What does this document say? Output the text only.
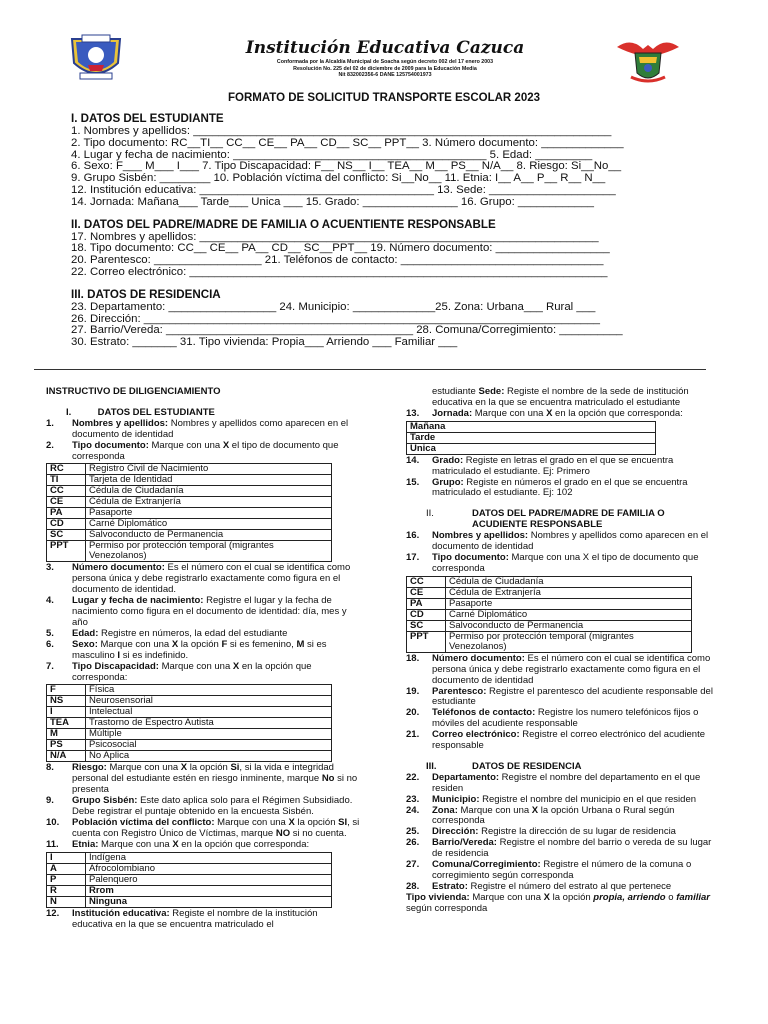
Institución Educativa Cazuca
Conformada por la Alcaldía Municipal de Soacha según decreto 002 del 17 enero 2003
Resolución No. 225 del 02 de diciembre de 2009 para la Educación Media
Nit 832002356-6 DANE 125754001973
FORMATO DE SOLICITUD TRANSPORTE ESCOLAR 2023
I. DATOS DEL ESTUDIANTE
1. Nombres y apellidos: __________________________________________________________________
2. Tipo documento: RC__TI__ CC__ CE__ PA__ CD__ SC__ PPT__ 3. Número documento: _____________
4. Lugar y fecha de nacimiento: ________________________________________ 5. Edad: _________
6. Sexo: F___ M___ I___ 7. Tipo Discapacidad: F__ NS__ I__ TEA__ M__ PS__ N/A__ 8. Riesgo: Si__No__
9. Grupo Sisbén: ________ 10. Población víctima del conflicto: Si__No__ 11. Etnia: I__ A__ P__ R__ N__
12. Institución educativa: _____________________________________ 13. Sede: ____________________
14. Jornada: Mañana___ Tarde___ Única ___ 15. Grado: _______________ 16. Grupo: ____________
II. DATOS DEL PADRE/MADRE DE FAMILIA O ACUENTIENTE RESPONSABLE
17. Nombres y apellidos: _______________________________________________________________
18. Tipo documento: CC__ CE__ PA__ CD__ SC__PPT__ 19. Número documento: __________________
20. Parentesco: _________________ 21. Teléfonos de contacto: ________________________________
22. Correo electrónico: __________________________________________________________________
III. DATOS DE RESIDENCIA
23. Departamento: _________________ 24. Municipio: _____________25. Zona: Urbana___ Rural ___
26. Dirección: ________________________________________________________________________
27. Barrio/Vereda: _______________________________________ 28. Comuna/Corregimiento: __________
30. Estrato: _______ 31. Tipo vivienda: Propia___ Arriendo ___ Familiar ___
INSTRUCTIVO DE DILIGENCIAMIENTO
I.          DATOS DEL ESTUDIANTE
1.	Nombres y apellidos: Nombres y apellidos como aparecen en el documento de identidad
2.	Tipo documento: Marque con una X el tipo de documento que corresponda
RC	Registro Civil de Nacimiento
TI	Tarjeta de Identidad
CC	Cédula de Ciudadanía
CE	Cédula de Extranjería
PA	Pasaporte
CD	Carné Diplomático
SC	Salvoconducto de Permanencia
PPT	Permiso por protección temporal (migrantes Venezolanos)
3.	Número documento: Es el número con el cual se identifica como persona única y debe registrarlo exactamente como figura en el documento de identidad.
4.	Lugar y fecha de nacimiento: Registre el lugar y la fecha de nacimiento como figura en el documento de identidad: día, mes y año
5.	Edad: Registre en números, la edad del estudiante
6.	Sexo: Marque con una X la opción F si es femenino, M si es masculino I si es indefinido.
7.	Tipo Discapacidad: Marque con una X en la opción que corresponda:
F	Física
NS	Neurosensorial
I	Intelectual
TEA	Trastorno de Espectro Autista
M	Múltiple
PS	Psicosocial
N/A	No Aplica
8.	Riesgo: Marque con una X la opción Si, si la vida e integridad personal del estudiante estén en riesgo inminente, marque No si no presenta
9.	Grupo Sisbén: Este dato aplica solo para el Régimen Subsidiado. Debe registrar el puntaje obtenido en la encuesta Sisbén.
10.	Población víctima del conflicto: Marque con una X la opción SI, si cuenta con Registro Único de Víctimas, marque NO si no cuenta.
11.	Etnia: Marque con una X en la opción que corresponda:
I	Indígena
A	Afrocolombiano
P	Palenquero
R	Rrom
N	Ninguna
12.	Institución educativa: Registe el nombre de la institución educativa en la que se encuentra matriculado el
estudiante Sede: Registe el nombre de la sede de institución educativa en la que se encuentra matriculado el estudiante
13.	Jornada: Marque con una X en la opción que corresponda:
Mañana
Tarde
Unica
14.	Grado: Registe en letras el grado en el que se encuentra matriculado el estudiante. Ej: Primero
15.	Grupo: Registe en números el grado en el que se encuentra matriculado el estudiante. Ej: 102
II.	DATOS DEL PADRE/MADRE DE FAMILIA O ACUDIENTE RESPONSABLE
16.	Nombres y apellidos: Nombres y apellidos como aparecen en el documento de identidad
17.	Tipo documento: Marque con una X el tipo de documento que corresponda
CC	Cédula de Ciudadanía
CE	Cédula de Extranjería
PA	Pasaporte
CD	Carné Diplomático
SC	Salvoconducto de Permanencia
PPT	Permiso por protección temporal (migrantes Venezolanos)
18.	Número documento: Es el número con el cual se identifica como persona única y debe registrarlo exactamente como figura en el documento de identidad
19.	Parentesco: Registre el parentesco del acudiente responsable del estudiante
20.	Teléfonos de contacto: Registre los numero telefónicos fijos o móviles del acudiente responsable
21.	Correo electrónico: Registre el correo electrónico del acudiente responsable
III.	DATOS DE RESIDENCIA
22.	Departamento: Registre el nombre del departamento en el que residen
23.	Municipio: Registre el nombre del municipio en el que residen
24.	Zona: Marque con una X la opción Urbana o Rural según corresponda
25.	Dirección: Registre la dirección de su lugar de residencia
26.	Barrio/Vereda: Registre el nombre del barrio o vereda de su lugar de residencia
27.	Comuna/Corregimiento: Registre el número de la comuna o corregimiento según corresponda
28.	Estrato: Registre el número del estrato al que pertenece
Tipo vivienda: Marque con una X la opción propia, arriendo o familiar según corresponda
